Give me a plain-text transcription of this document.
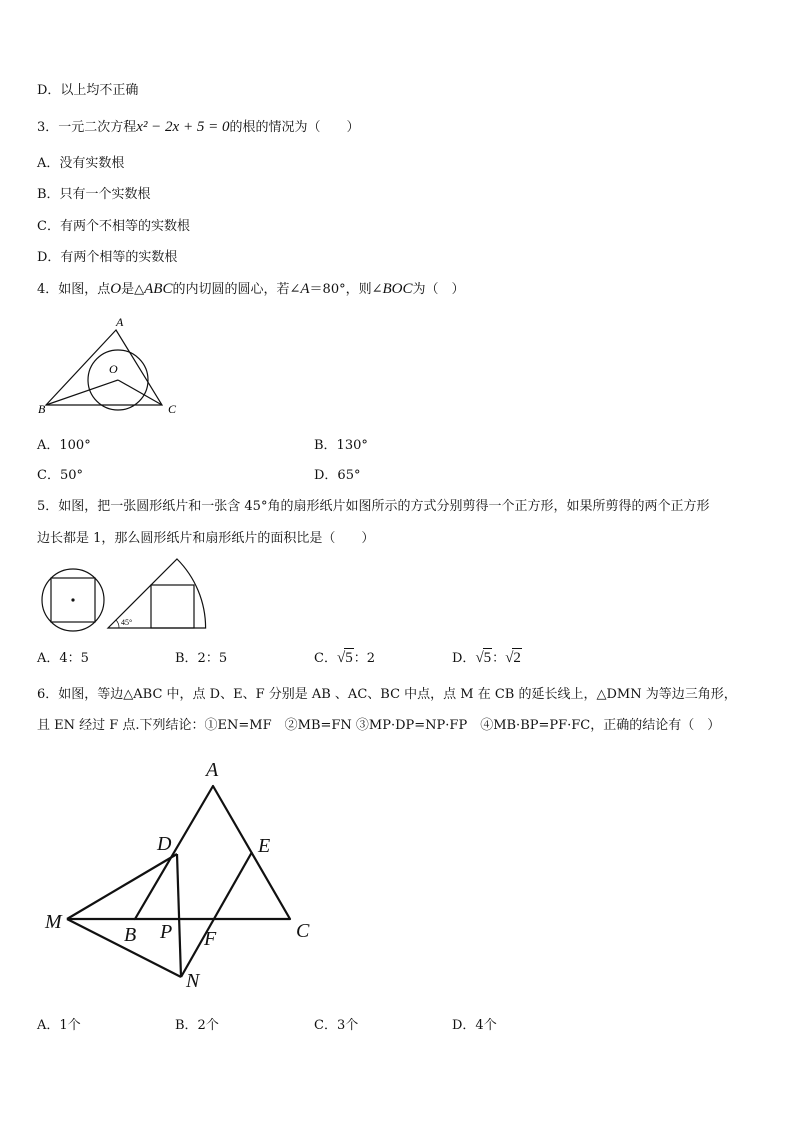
D．以上均不正确
3．一元二次方程x² − 2x + 5 = 0的根的情况为（　　）
A．没有实数根
B．只有一个实数根
C．有两个不相等的实数根
D．有两个相等的实数根
4．如图，点O是△ABC的内切圆的圆心，若∠A＝80°，则∠BOC为（　）
A
B	C
O
A．100°	B．130°
C．50°	D．65°
5．如图，把一张圆形纸片和一张含 45°角的扇形纸片如图所示的方式分别剪得一个正方形，如果所剪得的两个正方形
边长都是 1，那么圆形纸片和扇形纸片的面积比是（　　）
45°
A．4：5	B．2：5	C．√5：2	D．√5：√2
6．如图，等边△ABC 中，点 D、E、F 分别是 AB 、AC、BC 中点，点 M 在 CB 的延长线上，△DMN 为等边三角形，
且 EN 经过 F 点.下列结论：①EN=MF　②MB=FN ③MP·DP=NP·FP　④MB·BP=PF·FC，正确的结论有（　）
A
D	E
M
B P F	C
N
A．1个	B．2个	C．3个	D．4个
